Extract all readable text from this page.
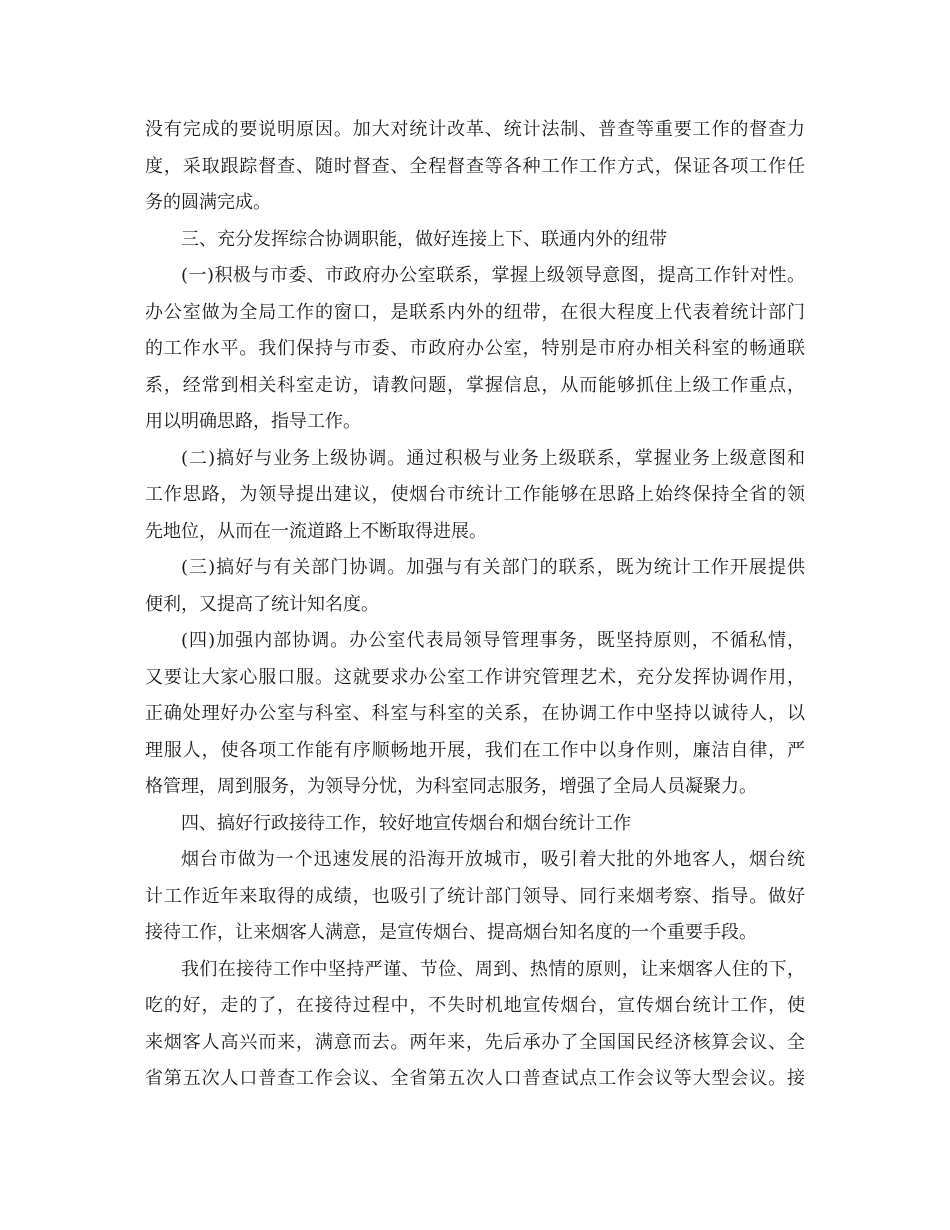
没有完成的要说明原因。加大对统计改革、统计法制、普查等重要工作的督查力
度，采取跟踪督查、随时督查、全程督查等各种工作工作方式，保证各项工作任
务的圆满完成。
三、充分发挥综合协调职能，做好连接上下、联通内外的纽带
(一)积极与市委、市政府办公室联系，掌握上级领导意图，提高工作针对性。
办公室做为全局工作的窗口，是联系内外的纽带，在很大程度上代表着统计部门
的工作水平。我们保持与市委、市政府办公室，特别是市府办相关科室的畅通联
系，经常到相关科室走访，请教问题，掌握信息，从而能够抓住上级工作重点，
用以明确思路，指导工作。
(二)搞好与业务上级协调。通过积极与业务上级联系，掌握业务上级意图和
工作思路，为领导提出建议，使烟台市统计工作能够在思路上始终保持全省的领
先地位，从而在一流道路上不断取得进展。
(三)搞好与有关部门协调。加强与有关部门的联系，既为统计工作开展提供
便利，又提高了统计知名度。
(四)加强内部协调。办公室代表局领导管理事务，既坚持原则，不循私情，
又要让大家心服口服。这就要求办公室工作讲究管理艺术，充分发挥协调作用，
正确处理好办公室与科室、科室与科室的关系，在协调工作中坚持以诚待人，以
理服人，使各项工作能有序顺畅地开展，我们在工作中以身作则，廉洁自律，严
格管理，周到服务，为领导分忧，为科室同志服务，增强了全局人员凝聚力。
四、搞好行政接待工作，较好地宣传烟台和烟台统计工作
烟台市做为一个迅速发展的沿海开放城市，吸引着大批的外地客人，烟台统
计工作近年来取得的成绩，也吸引了统计部门领导、同行来烟考察、指导。做好
接待工作，让来烟客人满意，是宣传烟台、提高烟台知名度的一个重要手段。
我们在接待工作中坚持严谨、节俭、周到、热情的原则，让来烟客人住的下，
吃的好，走的了，在接待过程中，不失时机地宣传烟台，宣传烟台统计工作，使
来烟客人高兴而来，满意而去。两年来，先后承办了全国国民经济核算会议、全
省第五次人口普查工作会议、全省第五次人口普查试点工作会议等大型会议。接
